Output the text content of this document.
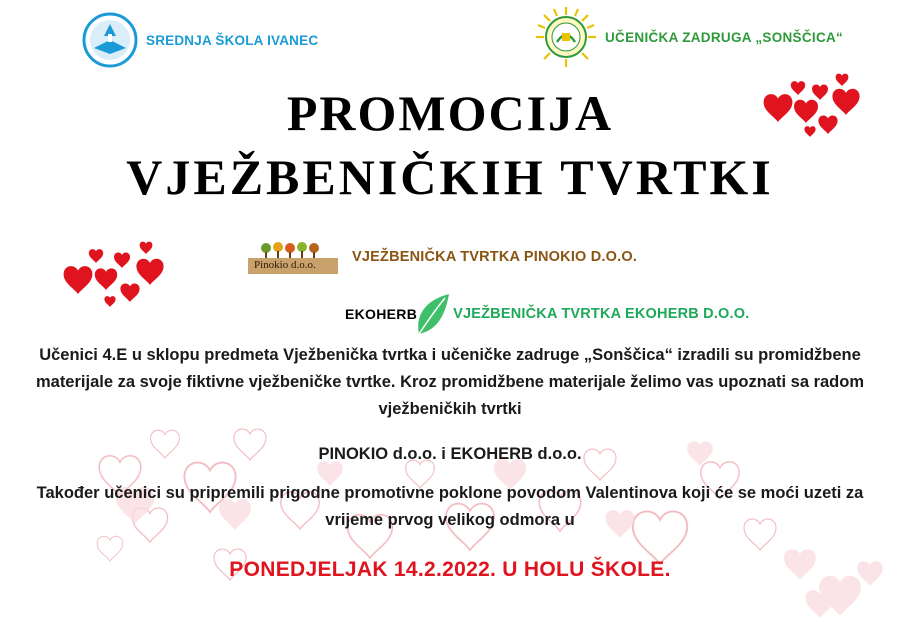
SREDNJA ŠKOLA IVANEC	UČENIČKA ZADRUGA „SONŠČICA“
PROMOCIJA
VJEŽBENIČKIH TVRTKI
Pinokio d.o.o.	VJEŽBENIČKA TVRTKA PINOKIO D.O.O.
EKOHERB VJEŽBENIČKA TVRTKA EKOHERB D.O.O.
Učenici 4.E u sklopu predmeta Vježbenička tvrtka i učeničke zadruge „Sonščica“ izradili su promidžbene materijale za svoje fiktivne vježbeničke tvrtke. Kroz promidžbene materijale želimo vas upoznati sa radom vježbeničkih tvrtki
PINOKIO d.o.o. i EKOHERB d.o.o.
Također učenici su pripremili prigodne promotivne poklone povodom Valentinova koji će se moći uzeti za vrijeme prvog velikog odmora u
PONEDJELJAK 14.2.2022. U HOLU ŠKOLE.
